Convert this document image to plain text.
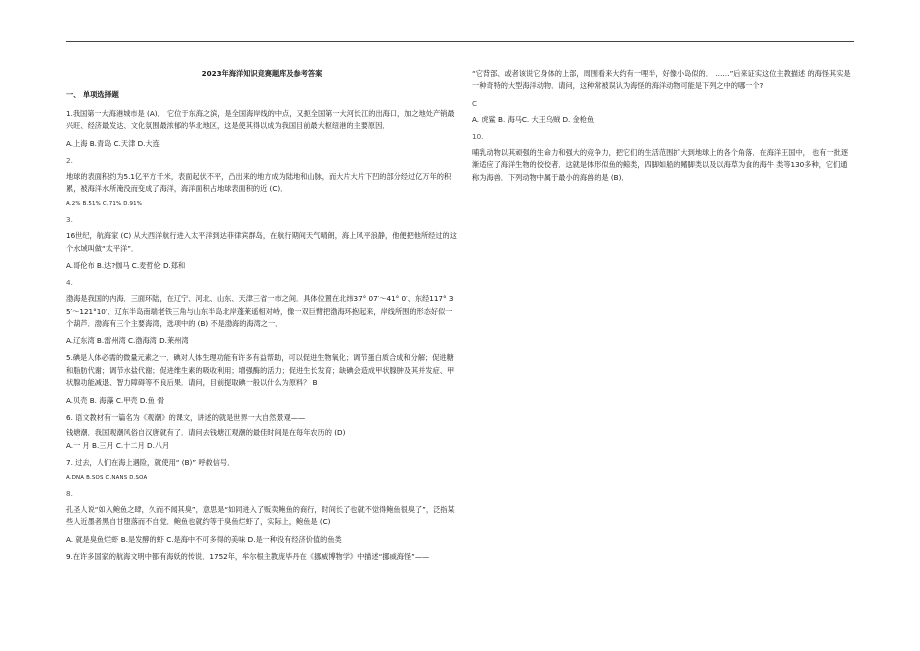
2023年海洋知识竞赛题库及参考答案

一、 单项选择题

1.我国第一大海港城市是 (A)． 它位于东海之滨，是全国海岸线的中点，又扼全国第一大河长江的出海口，加之地处产销最兴旺、经济最发达、文化氛围最浓郁的华北地区，这是使其得以成为我国目前最大枢纽港的主要原因．

A.上海 B.青岛 C.天津 D.大连

2.

地球的表面积约为5.1亿平方千米，表面起伏不平，凸出来的地方成为陆地和山脉，而大片大片下凹的部分经过亿万年的积累，被海洋水所淹没而变成了海洋，海洋面积占地球表面积的近 (C)．

A.2% B.51% C.71% D.91%

3.

16世纪，航海家 (C) 从大西洋航行进入太平洋到达菲律宾群岛，在航行期间天气晴朗，海上风平浪静，他便把他所经过的这个水域叫做“太平洋”．

A.哥伦布 B.达?伽马 C.麦哲伦 D.郑和

4.

渤海是我国的内海．三面环陆，在辽宁、河北、山东、天津三省一市之间．具体位置在北纬37° 07′～41° 0′、东经117° 35′～121°10′．辽东半岛南端老铁三角与山东半岛北岸蓬莱遥相对峙，像一双巨臂把渤海环抱起来，岸线所围的形态好似一个葫芦．渤海有三个主要海湾，选项中的 (B) 不是渤海的海湾之一．

A.辽东湾 B.雷州湾 C.渤海湾 D.莱州湾

5.碘是人体必需的微量元素之一．碘对人体生理功能有许多有益帮助，可以促进生物氧化；调节蛋白质合成和分解；促进糖和脂肪代谢；调节水盐代谢；促进维生素的吸收利用；增强酶的活力；促进生长发育；缺碘会造成甲状腺肿及其并发症、甲状腺功能减退、智力障碍等不良后果．请问，目前提取碘一般以什么为原料？ B

A.贝壳 B. 海藻 C.甲壳 D.鱼 骨

6. 语文教材有一篇名为《观潮》的课文，讲述的就是世界一大自然景观——

钱塘潮．我国观潮风俗自汉唐就有了．请问去钱塘江观潮的最佳时间是在每年农历的 (D)

A.一 月 B.三月 C.十二月 D.八月

7. 过去，人们在海上遇险，就使用“ (B)” 呼救信号．

A.DNA B.SOS C.NANS D.SOA

8.

孔圣人说“如入鲍鱼之肆，久而不闻其臭”，意思是“如同进入了贩卖鲍鱼的商行，时间长了也就不觉得鲍鱼很臭了”，泛指某些人近墨者黑自甘堕落而不自觉．鲍鱼也就约等于臭鱼烂虾了，实际上，鲍鱼是 (C)

A. 就是臭鱼烂虾 B.是发酵的虾 C.是海中不可多得的美味 D.是一种没有经济价值的鱼类

9.在许多国家的航海文明中都有海妖的传说．1752年，牟尔根主教庞毕丹在《挪威博物学》中描述“挪威海怪”——

“它背部、或者该说它身体的上部，周围看来大约有一哩半，好像小岛似的． ……”后来证实这位主教描述 的海怪其实是一种奇特的大型海洋动物．请问，这种常被误认为海怪的海洋动物可能是下列之中的哪一个?

C

A. 虎鲨 B. 海马C. 大王乌贼 D. 金枪鱼

10.

哺乳动物以其顽强的生命力和强大的竞争力，把它们的生活范围扩大到地球上的各个角落．在海洋王国中， 也有一批逐渐适应了海洋生物的佼佼者．这就是体形似鱼的鲸类，四脚如船的鳍脚类以及以海草为食的海牛 类等130多种，它们通称为海兽．下列动物中属于最小的海兽的是 (B)．
